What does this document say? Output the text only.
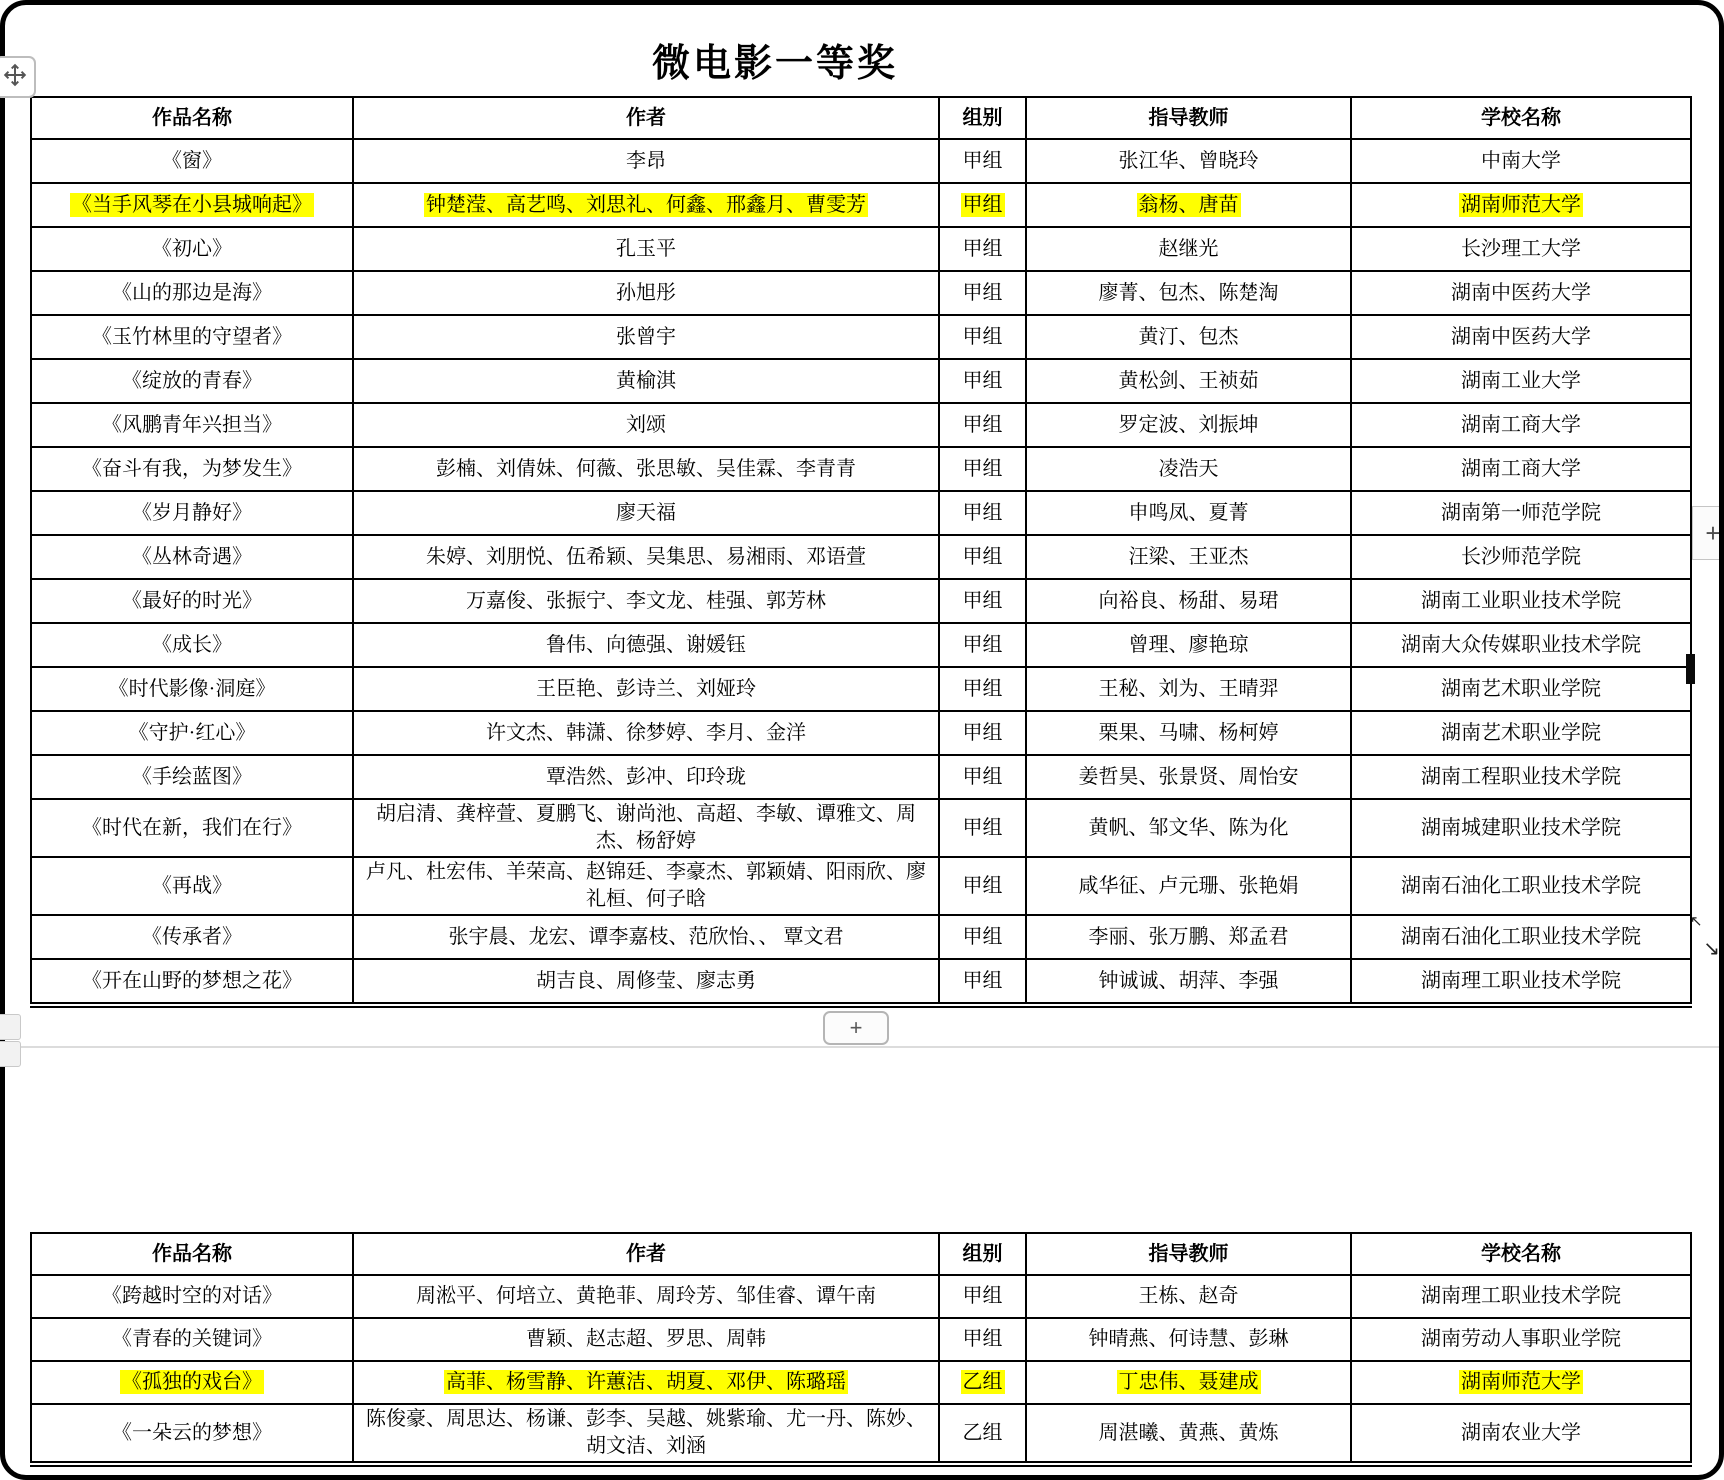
微电影一等奖
作品名称	作者	组别	指导教师	学校名称
《窗》	李昂	甲组	张江华、曾晓玲	中南大学
《当手风琴在小县城响起》	钟楚滢、高艺鸣、刘思礼、何鑫、邢鑫月、曹雯芳	甲组	翁杨、唐苗	湖南师范大学
《初心》	孔玉平	甲组	赵继光	长沙理工大学
《山的那边是海》	孙旭彤	甲组	廖菁、包杰、陈楚淘	湖南中医药大学
《玉竹林里的守望者》	张曾宇	甲组	黄汀、包杰	湖南中医药大学
《绽放的青春》	黄榆淇	甲组	黄松剑、王祯茹	湖南工业大学
《风鹏青年兴担当》	刘颂	甲组	罗定波、刘振坤	湖南工商大学
《奋斗有我，为梦发生》	彭楠、刘倩妹、何薇、张思敏、吴佳霖、李青青	甲组	凌浩天	湖南工商大学
《岁月静好》	廖天福	甲组	申鸣凤、夏菁	湖南第一师范学院
《丛林奇遇》	朱婷、刘朋悦、伍希颖、吴集思、易湘雨、邓语萱	甲组	汪梁、王亚杰	长沙师范学院
《最好的时光》	万嘉俊、张振宁、李文龙、桂强、郭芳林	甲组	向裕良、杨甜、易珺	湖南工业职业技术学院
《成长》	鲁伟、向德强、谢媛钰	甲组	曾理、廖艳琼	湖南大众传媒职业技术学院
《时代影像·洞庭》	王臣艳、彭诗兰、刘娅玲	甲组	王秘、刘为、王晴羿	湖南艺术职业学院
《守护·红心》	许文杰、韩潇、徐梦婷、李月、金洋	甲组	栗果、马啸、杨柯婷	湖南艺术职业学院
《手绘蓝图》	覃浩然、彭冲、印玲珑	甲组	姜哲昊、张景贤、周怡安	湖南工程职业技术学院
《时代在新，我们在行》	胡启清、龚梓萱、夏鹏飞、谢尚池、高超、李敏、谭雅文、周杰、杨舒婷	甲组	黄帆、邹文华、陈为化	湖南城建职业技术学院
《再战》	卢凡、杜宏伟、羊荣高、赵锦廷、李豪杰、郭颖婧、阳雨欣、廖礼桓、何子晗	甲组	咸华征、卢元珊、张艳娟	湖南石油化工职业技术学院
《传承者》	张宇晨、龙宏、谭李嘉枝、范欣怡、、 覃文君	甲组	李丽、张万鹏、郑孟君	湖南石油化工职业技术学院
《开在山野的梦想之花》	胡吉良、周修莹、廖志勇	甲组	钟诚诚、胡萍、李强	湖南理工职业技术学院
作品名称	作者	组别	指导教师	学校名称
《跨越时空的对话》	周淞平、何培立、黄艳菲、周玲芳、邹佳睿、谭午南	甲组	王栋、赵奇	湖南理工职业技术学院
《青春的关键词》	曹颖、赵志超、罗思、周韩	甲组	钟晴燕、何诗慧、彭琳	湖南劳动人事职业学院
《孤独的戏台》	高菲、杨雪静、许蕙洁、胡夏、邓伊、陈璐瑶	乙组	丁忠伟、聂建成	湖南师范大学
《一朵云的梦想》	陈俊豪、周思达、杨谦、彭李、吴越、姚紫瑜、尤一丹、陈妙、胡文洁、刘涵	乙组	周湛曦、黄燕、黄炼	湖南农业大学
+
+
↖
↘
